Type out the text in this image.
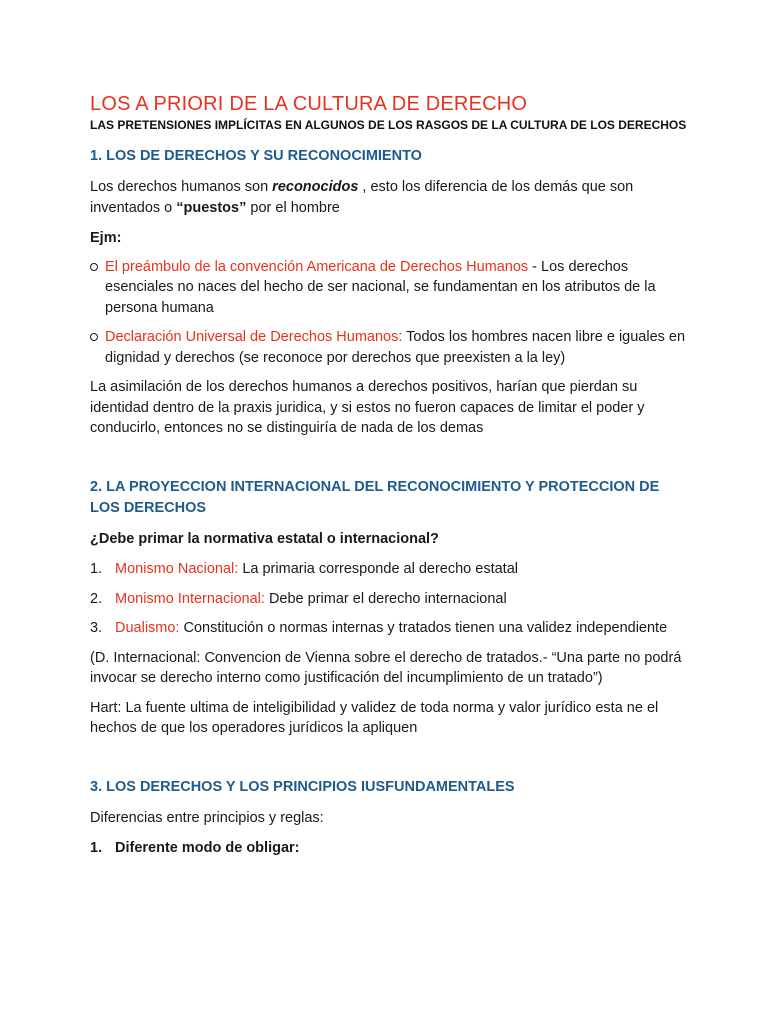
LOS A PRIORI DE LA CULTURA DE DERECHO

LAS PRETENSIONES IMPLÍCITAS EN ALGUNOS DE LOS RASGOS DE LA CULTURA DE LOS DERECHOS

1. LOS DE DERECHOS Y SU RECONOCIMIENTO

Los derechos humanos son reconocidos , esto los diferencia de los demás que son inventados o “puestos” por el hombre

Ejm:

El preámbulo de la convención Americana de Derechos Humanos - Los derechos esenciales no naces del hecho de ser nacional, se fundamentan en los atributos de la persona humana
Declaración Universal de Derechos Humanos: Todos los hombres nacen libre e iguales en dignidad y derechos (se reconoce por derechos que preexisten a la ley)

La asimilación de los derechos humanos a derechos positivos, harían que pierdan su identidad dentro de la praxis juridica, y si estos no fueron capaces de limitar el poder y conducirlo, entonces no se distinguiría de nada de los demas

2. LA PROYECCION INTERNACIONAL DEL RECONOCIMIENTO Y PROTECCION DE LOS DERECHOS

¿Debe primar la normativa estatal o internacional?

1. Monismo Nacional: La primaria corresponde al derecho estatal
2. Monismo Internacional: Debe primar el derecho internacional
3. Dualismo: Constitución o normas internas y tratados tienen una validez independiente

(D. Internacional: Convencion de Vienna sobre el derecho de tratados.- “Una parte no podrá invocar se derecho interno como justificación del incumplimiento de un tratado”)

Hart: La fuente ultima de inteligibilidad y validez de toda norma y valor jurídico esta ne el hechos de que los operadores jurídicos la apliquen

3. LOS DERECHOS Y LOS PRINCIPIOS IUSFUNDAMENTALES

Diferencias entre principios y reglas:

1. Diferente modo de obligar:
